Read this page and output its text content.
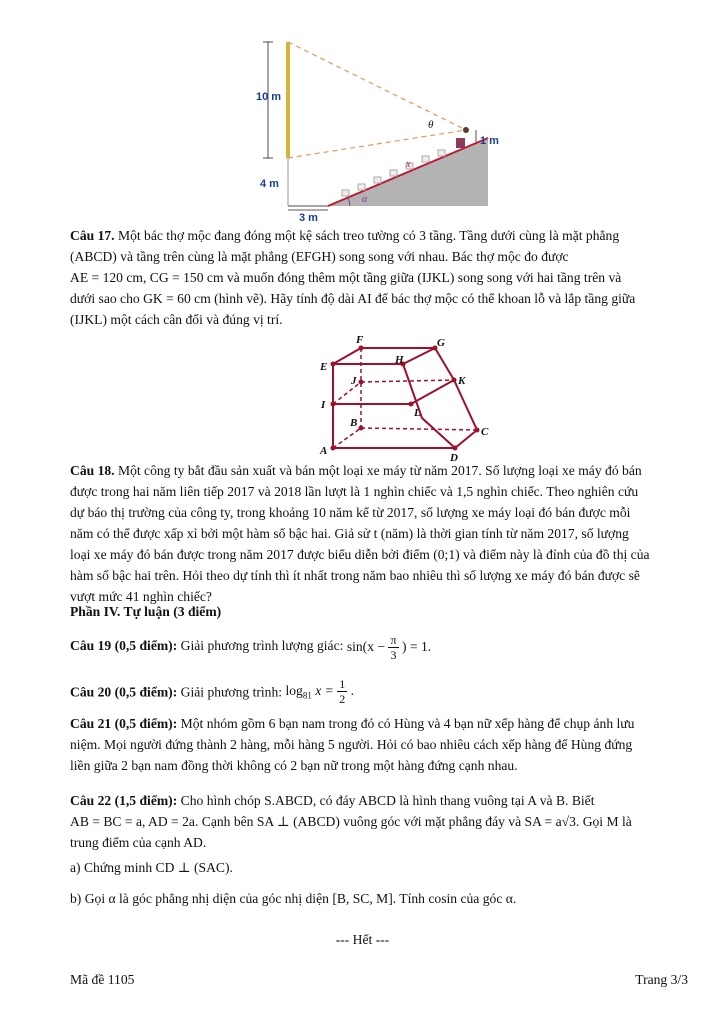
10 m
4 m
3 m
1 m
θ
x
α

Câu 17. Một bác thợ mộc đang đóng một kệ sách treo tường có 3 tầng. Tầng dưới cùng là mặt phẳng

(ABCD) và tầng trên cùng là mặt phẳng (EFGH) song song với nhau. Bác thợ mộc đo được

AE = 120 cm, CG = 150 cm và muốn đóng thêm một tầng giữa (IJKL) song song với hai tầng trên và

dưới sao cho GK = 60 cm (hình vẽ). Hãy tính độ dài AI để bác thợ mộc có thể khoan lỗ và lắp tầng giữa

(IJKL) một cách cân đối và đúng vị trí.

F	G
E
H
J	K
I
L
B
C
A
D

Câu 18. Một công ty bắt đầu sản xuất và bán một loại xe máy từ năm 2017. Số lượng loại xe máy đó bán

được trong hai năm liên tiếp 2017 và 2018 lần lượt là 1 nghìn chiếc và 1,5 nghìn chiếc. Theo nghiên cứu

dự báo thị trường của công ty, trong khoảng 10 năm kể từ 2017, số lượng xe máy loại đó bán được mỗi

năm có thể được xấp xỉ bởi một hàm số bậc hai. Giả sử t (năm) là thời gian tính từ năm 2017, số lượng

loại xe máy đó bán được trong năm 2017 được biểu diễn bởi điểm (0;1) và điểm này là đỉnh của đồ thị của

hàm số bậc hai trên. Hỏi theo dự tính thì ít nhất trong năm bao nhiêu thì số lượng xe máy đó bán được sẽ

vượt mức 41 nghìn chiếc?

Phần IV. Tự luận (3 điểm)
Câu 19 (0,5 điểm): Giải phương trình lượng giác: $\sin(x - \frac{\pi}{3}$ ) = 1.
Câu 20 (0,5 điểm): Giải phương trình: $\log_{81} x = \frac{1}{2}$ .

Câu 21 (0,5 điểm): Một nhóm gồm 6 bạn nam trong đó có Hùng và 4 bạn nữ xếp hàng để chụp ảnh lưu

niệm. Mọi người đứng thành 2 hàng, mỗi hàng 5 người. Hỏi có bao nhiêu cách xếp hàng để Hùng đứng

liền giữa 2 bạn nam đồng thời không có 2 bạn nữ trong một hàng đứng cạnh nhau.

Câu 22 (1,5 điểm): Cho hình chóp S.ABCD, có đáy ABCD là hình thang vuông tại A và B. Biết

AB = BC = a, AD = 2a. Cạnh bên SA ⊥ (ABCD) vuông góc với mặt phẳng đáy và SA = a√3. Gọi M là

trung điểm của cạnh AD.

a) Chứng minh CD ⊥ (SAC).

b) Gọi α là góc phẳng nhị diện của góc nhị diện [B, SC, M]. Tính cosin của góc α.

--- Hết ---
Mã đề 1105	Trang 3/3
